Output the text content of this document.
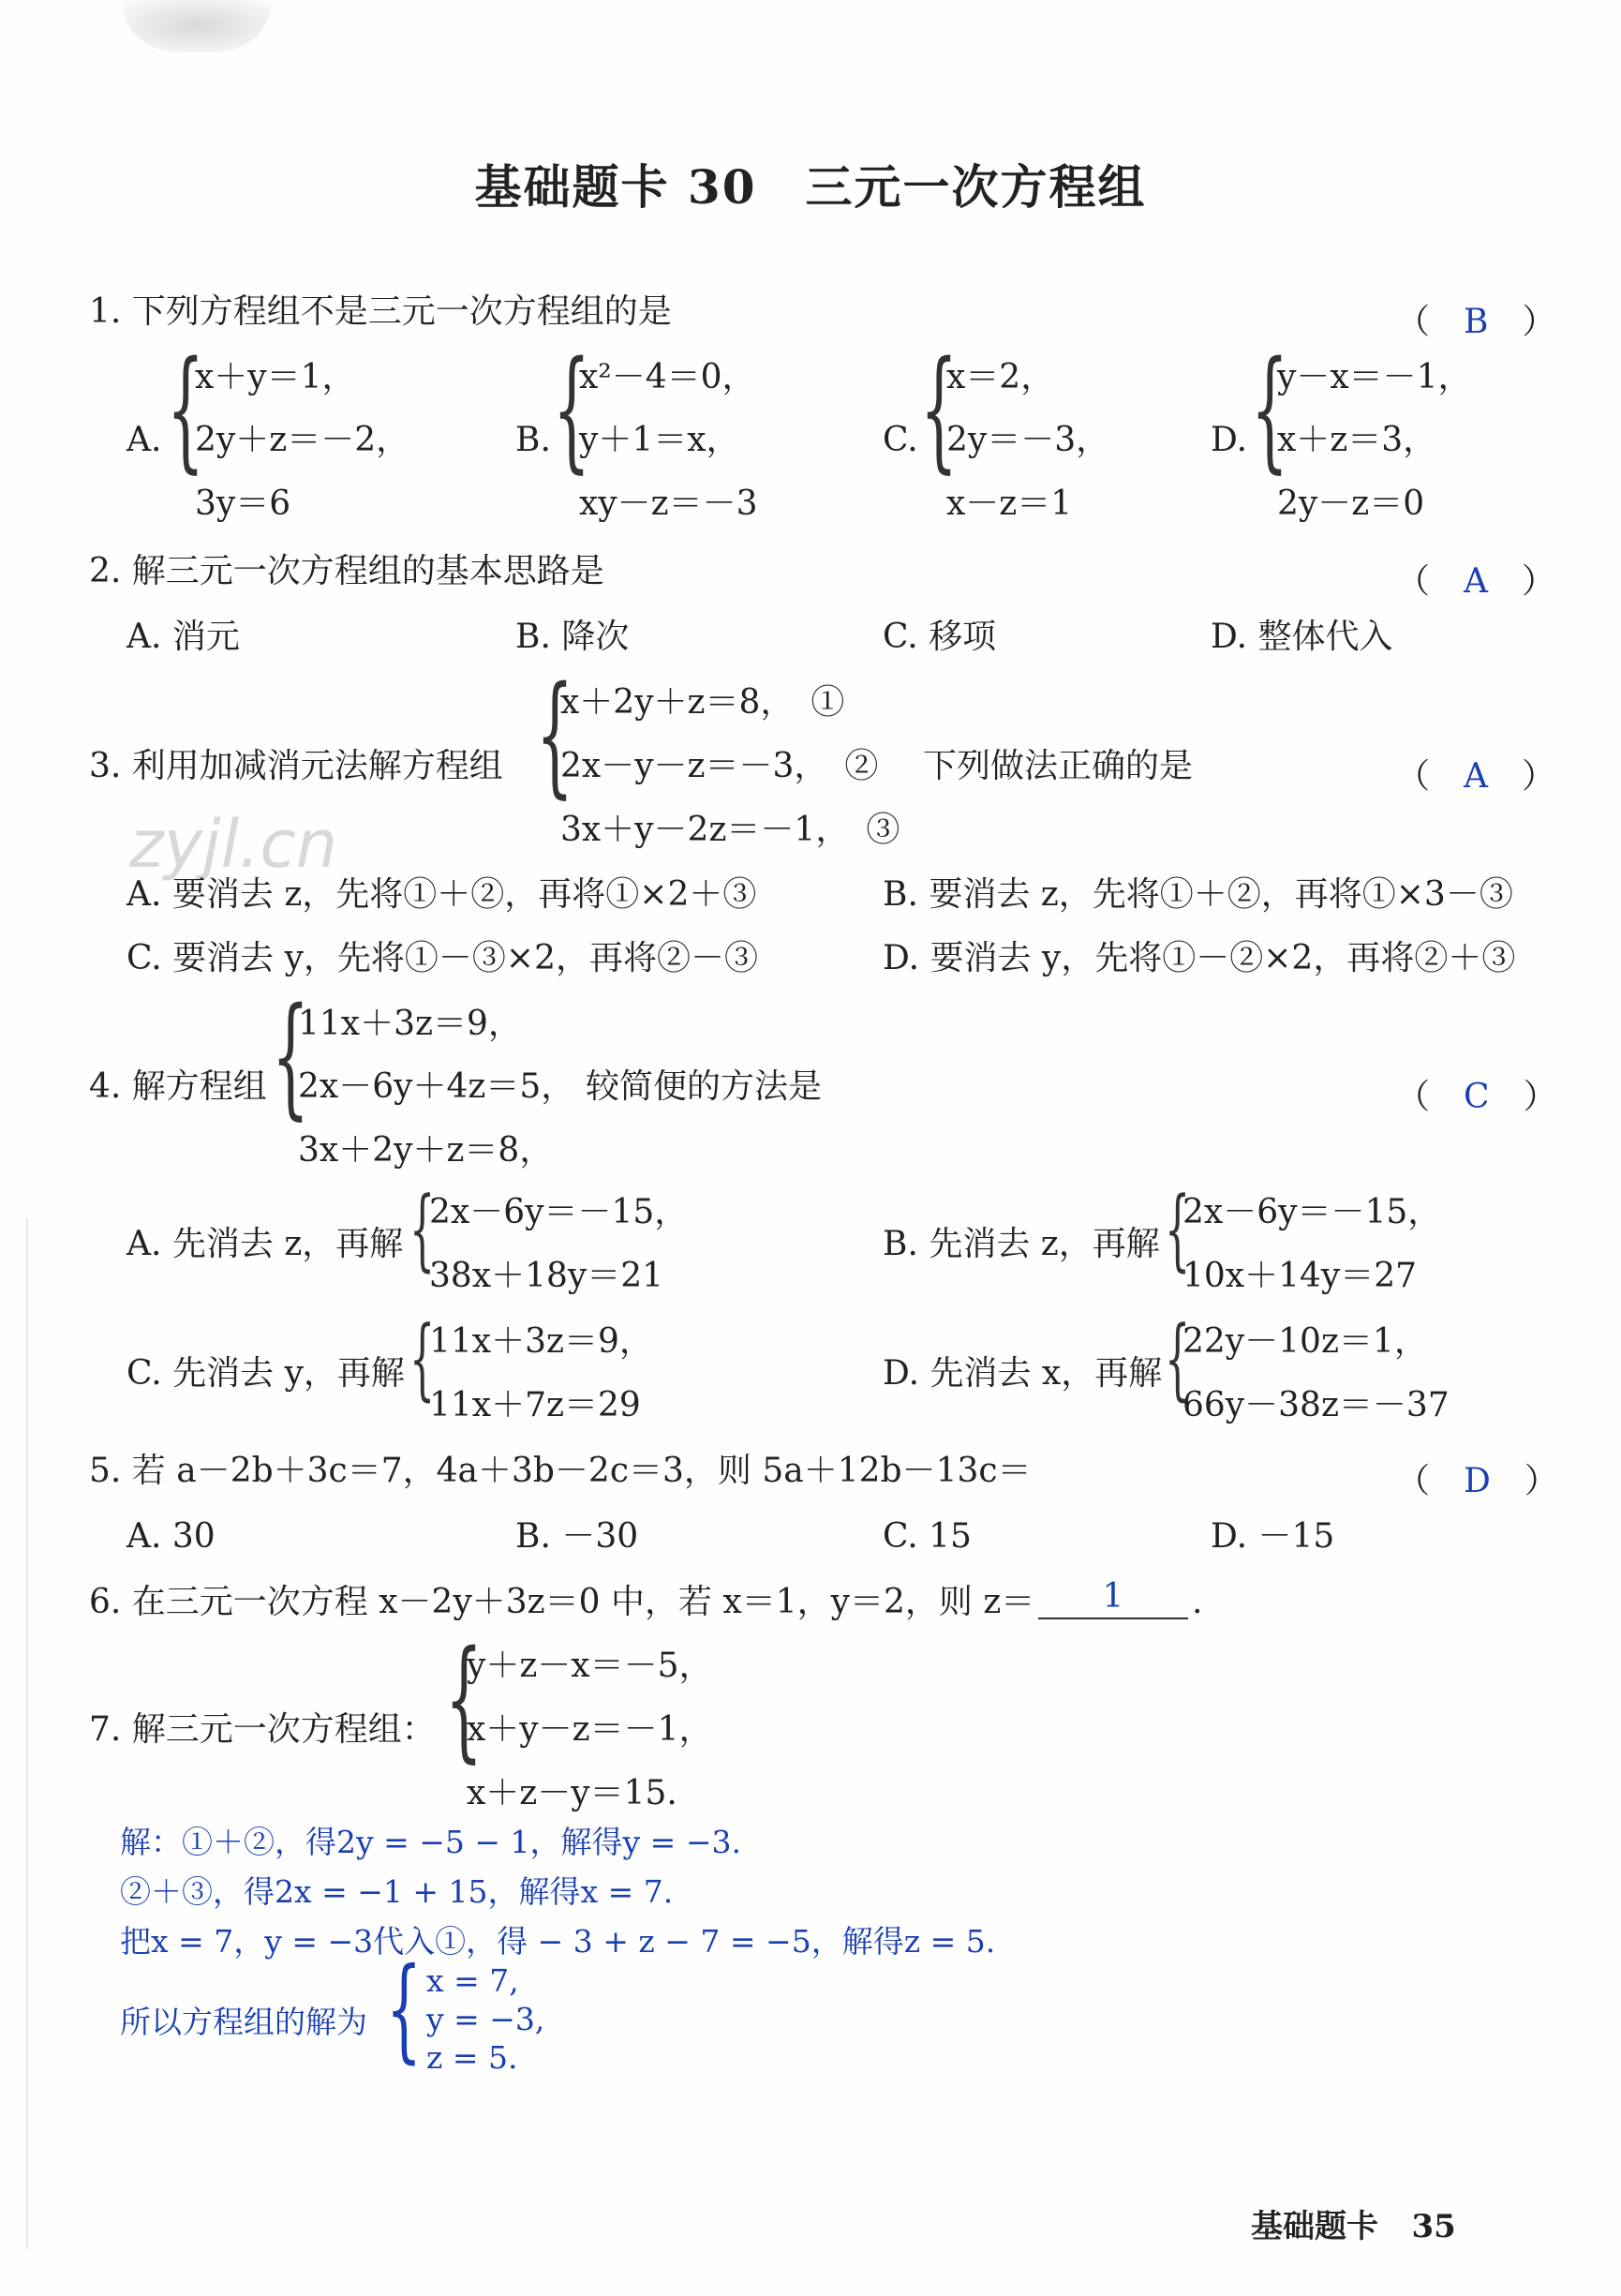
基础题卡 30　三元一次方程组
1. 下列方程组不是三元一次方程组的是	（　B　）
A. {
x＋y＝1，
2y＋z＝－2，
3y＝6
B. {
x²－4＝0，
y＋1＝x，
xy－z＝－3
C. {
x＝2，
2y＝－3，
x－z＝1
D. {
y－x＝－1，
x＋z＝3，
2y－z＝0
2. 解三元一次方程组的基本思路是	（　A　）
A. 消元	B. 降次	C. 移项	D. 整体代入
3. 利用加减消元法解方程组 {
x＋2y＋z＝8，　①
2x－y－z＝－3，　②
3x＋y－2z＝－1，　③
下列做法正确的是	（　A　）
zyjl.cn
A. 要消去 z，先将①＋②，再将①×2＋③	B. 要消去 z，先将①＋②，再将①×3－③
C. 要消去 y，先将①－③×2，再将②－③	D. 要消去 y，先将①－②×2，再将②＋③
4. 解方程组 {
11x＋3z＝9，
2x－6y＋4z＝5，
3x＋2y＋z＝8，
较简便的方法是	（　C　）
A. 先消去 z，再解 {
2x－6y＝－15，
38x＋18y＝21
B. 先消去 z，再解 {
2x－6y＝－15，
10x＋14y＝27
C. 先消去 y，再解 {
11x＋3z＝9，
11x＋7z＝29
D. 先消去 x，再解 {
22y－10z＝1，
66y－38z＝－37
5. 若 a－2b＋3c＝7，4a＋3b－2c＝3，则 5a＋12b－13c＝	（　D　）
A. 30	B. －30	C. 15	D. －15
6. 在三元一次方程 x－2y＋3z＝0 中，若 x＝1，y＝2，则 z＝	1	.
7. 解三元一次方程组： {
y＋z－x＝－5，
x＋y－z＝－1，
x＋z－y＝15.
解：①＋②，得2y = −5 − 1，解得y = −3.
②＋③，得2x = −1 + 15，解得x = 7.
把x = 7，y = −3代入①，得 − 3 + z − 7 = −5，解得z = 5.
所以方程组的解为 { x = 7,
y = −3,
z = 5.
基础题卡 35
